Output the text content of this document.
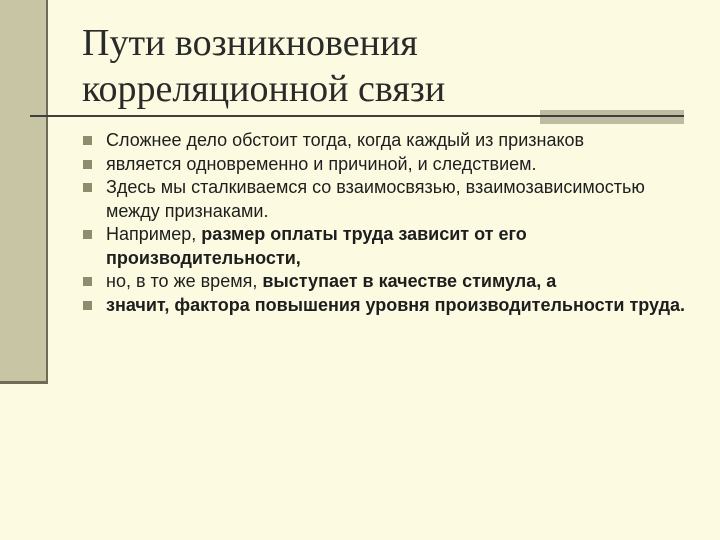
Пути возникновения
корреляционной связи
Сложнее дело обстоит тогда, когда каждый из признаков
является одновременно и причиной, и следствием.
Здесь мы сталкиваемся со взаимосвязью, взаимозависимостью между признаками.
Например, размер оплаты труда зависит от его производительности,
но, в то же время, выступает в качестве стимула, а
значит, фактора повышения уровня производительности труда.
